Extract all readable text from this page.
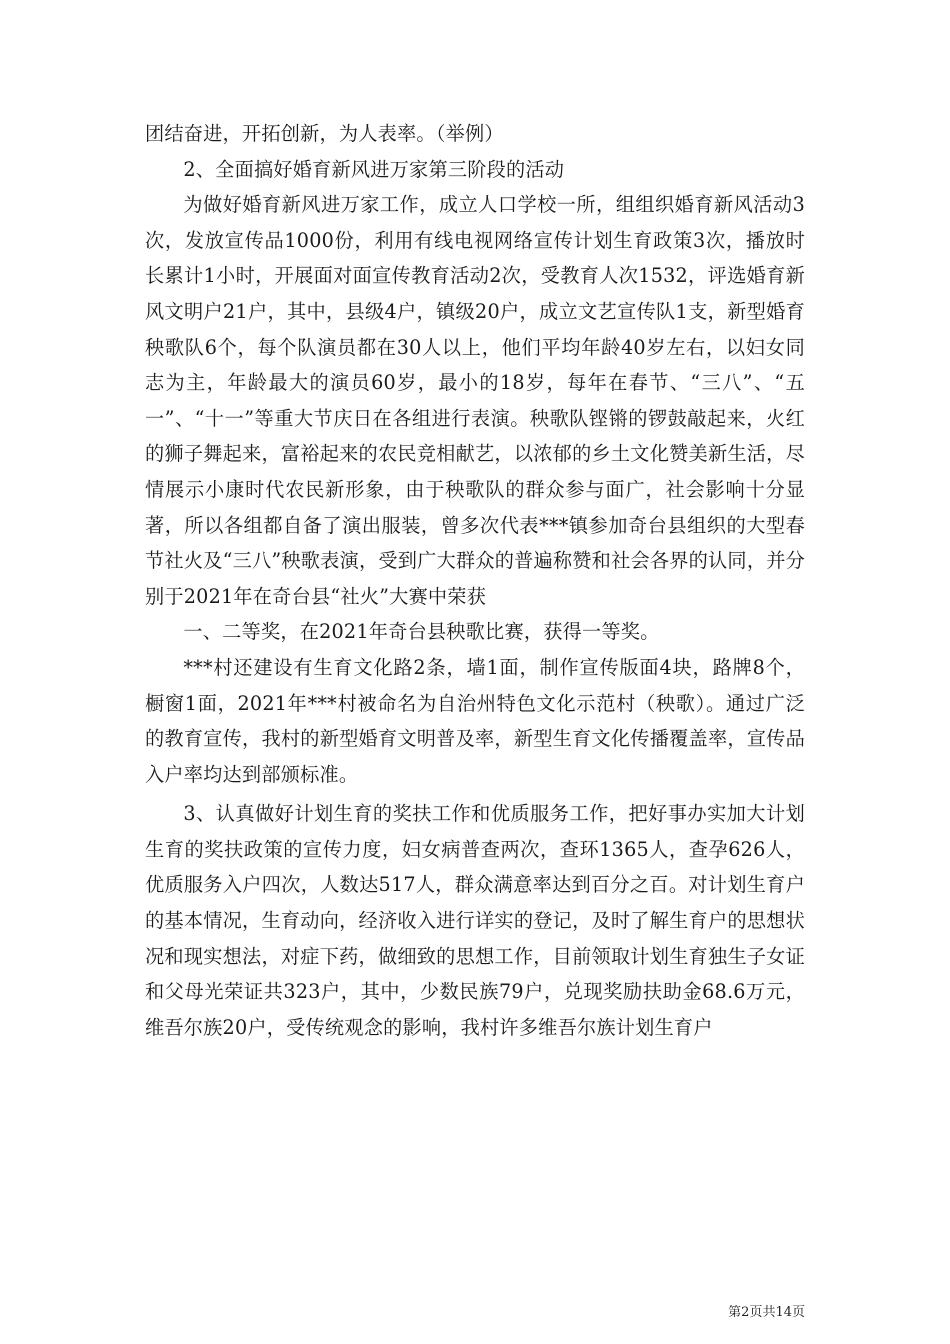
团结奋进，开拓创新，为人表率。（举例）

2、全面搞好婚育新风进万家第三阶段的活动

为做好婚育新风进万家工作，成立人口学校一所，组组织婚育新风活动3次，发放宣传品1000份，利用有线电视网络宣传计划生育政策3次，播放时长累计1小时，开展面对面宣传教育活动2次，受教育人次1532，评选婚育新风文明户21户，其中，县级4户，镇级20户，成立文艺宣传队1支，新型婚育秧歌队6个，每个队演员都在30人以上，他们平均年龄40岁左右，以妇女同志为主，年龄最大的演员60岁，最小的18岁，每年在春节、“三八”、“五一”、“十一”等重大节庆日在各组进行表演。秧歌队铿锵的锣鼓敲起来，火红的狮子舞起来，富裕起来的农民竞相献艺，以浓郁的乡土文化赞美新生活，尽情展示小康时代农民新形象，由于秧歌队的群众参与面广，社会影响十分显著，所以各组都自备了演出服装，曾多次代表***镇参加奇台县组织的大型春节社火及“三八”秧歌表演，受到广大群众的普遍称赞和社会各界的认同，并分别于2021年在奇台县“社火”大赛中荣获

一、二等奖，在2021年奇台县秧歌比赛，获得一等奖。

***村还建设有生育文化路2条，墙1面，制作宣传版面4块，路牌8个，橱窗1面，2021年***村被命名为自治州特色文化示范村（秧歌）。通过广泛的教育宣传，我村的新型婚育文明普及率，新型生育文化传播覆盖率，宣传品入户率均达到部颁标准。

3、认真做好计划生育的奖扶工作和优质服务工作，把好事办实加大计划生育的奖扶政策的宣传力度，妇女病普查两次，查环1365人，查孕626人，优质服务入户四次，人数达517人，群众满意率达到百分之百。对计划生育户的基本情况，生育动向，经济收入进行详实的登记，及时了解生育户的思想状况和现实想法，对症下药，做细致的思想工作，目前领取计划生育独生子女证和父母光荣证共323户，其中，少数民族79户，兑现奖励扶助金68.6万元，维吾尔族20户，受传统观念的影响，我村许多维吾尔族计划生育户

第2页共14页
